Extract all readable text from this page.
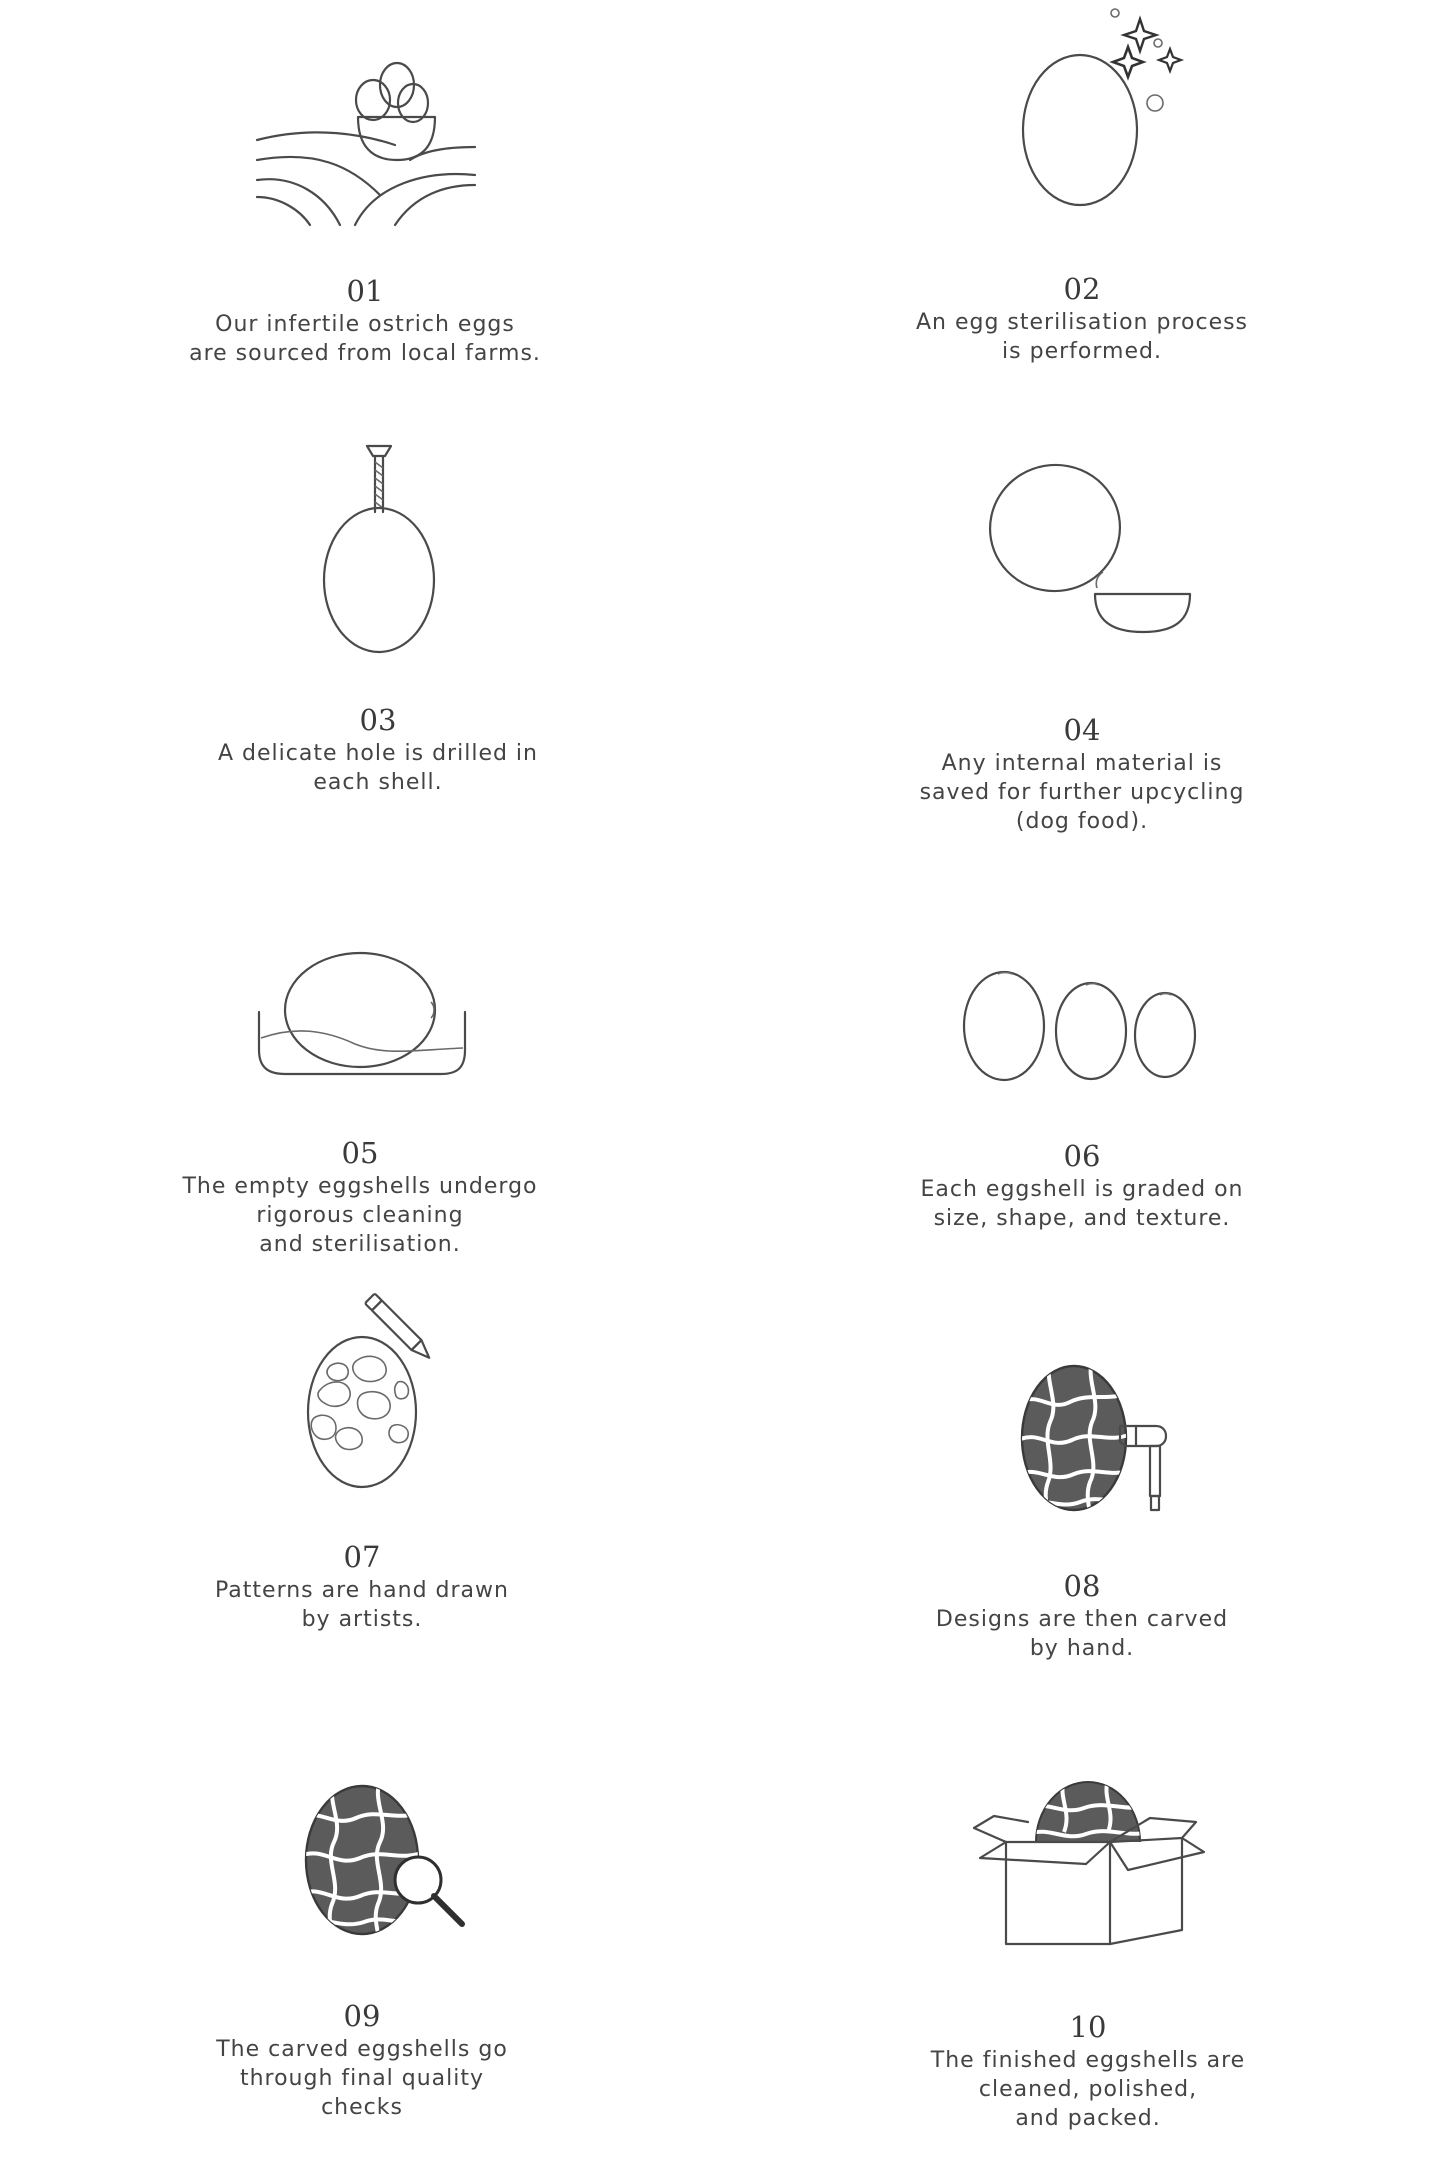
01
Our infertile ostrich eggs
are sourced from local farms.
02
An egg sterilisation process
is performed.
03
A delicate hole is drilled in
each shell.
04
Any internal material is
saved for further upcycling
(dog food).
05
The empty eggshells undergo
rigorous cleaning
and sterilisation.
06
Each eggshell is graded on
size, shape, and texture.
07
Patterns are hand drawn
by artists.
08
Designs are then carved
by hand.
09
The carved eggshells go
through final quality
checks
10
The finished eggshells are
cleaned, polished,
and packed.
